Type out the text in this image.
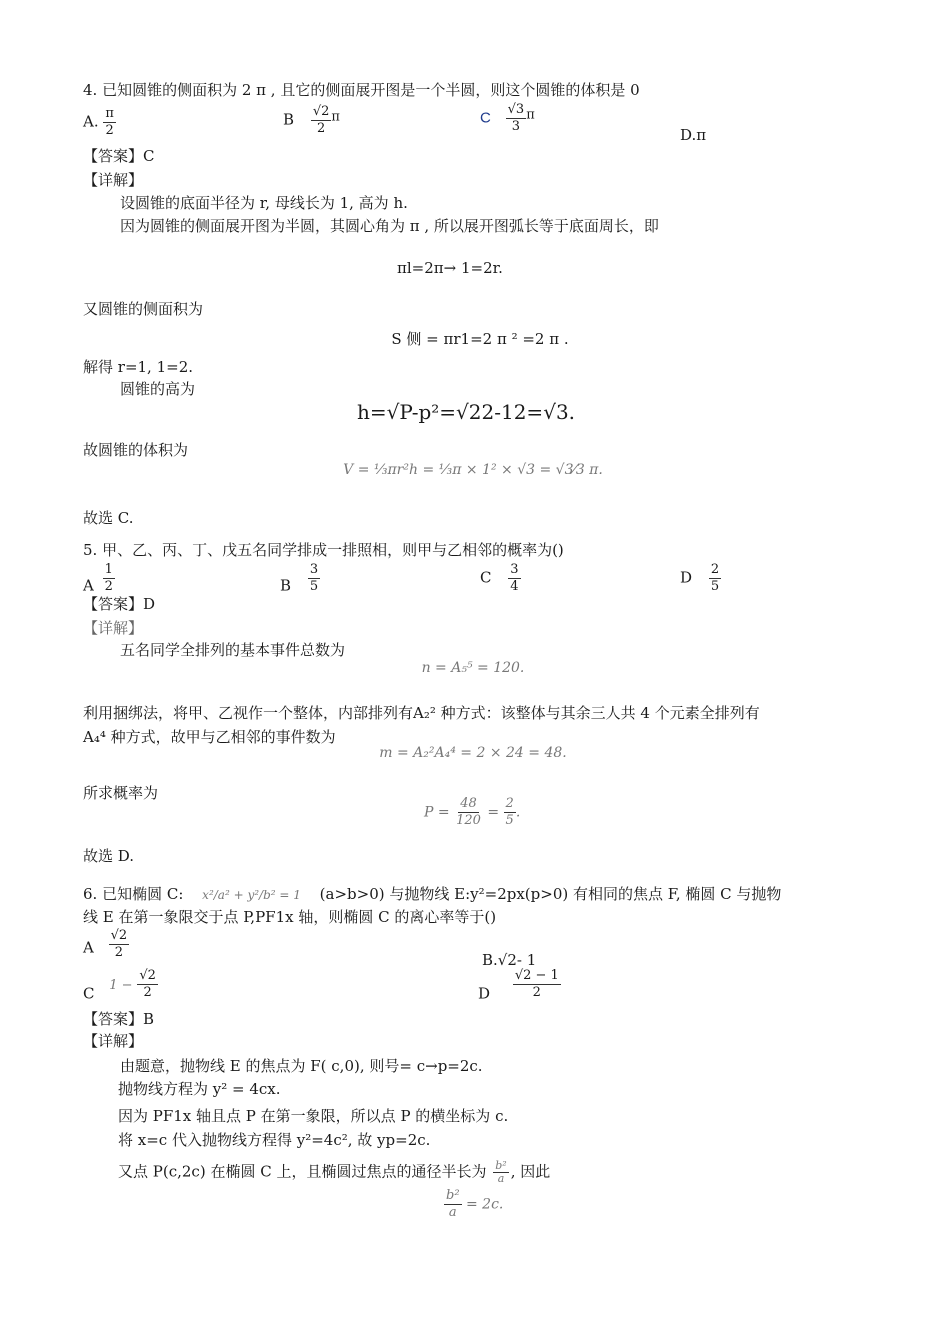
4. 已知圆锥的侧面积为 2 π , 且它的侧面展开图是一个半圆，则这个圆锥的体积是 0
A. $\frac{\pi}{2}$	B $\frac{√2}{2}$ π	C $\frac{√3}{3}$ π
D.π
【答案】C
【详解】
设圆锥的底面半径为 r, 母线长为 1, 高为 h.
因为圆锥的侧面展开图为半圆，其圆心角为 π , 所以展开图弧长等于底面周长，即
πl=2π→ 1=2r.
又圆锥的侧面积为
S 侧 = πr1=2 π ² =2 π .
解得 r=1, 1=2.
圆锥的高为
h=√P-p²=√22-12=√3.
故圆锥的体积为
V = ⅓πr²h = ⅓π × 1² × √3 = √3⁄3 π.
故选 C.
5. 甲、乙、丙、丁、戊五名同学排成一排照相，则甲与乙相邻的概率为()
A $\frac{1}{2}$	B $\frac{3}{5}$	C $\frac{3}{4}$	D $\frac{2}{5}$
【答案】D
【详解】
五名同学全排列的基本事件总数为
n = A₅⁵ = 120.
利用捆绑法，将甲、乙视作一个整体，内部排列有A₂² 种方式：该整体与其余三人共 4 个元素全排列有
A₄⁴ 种方式，故甲与乙相邻的事件数为
m = A₂²A₄⁴ = 2 × 24 = 48.
所求概率为
$P = \frac{48}{120} = \frac{2}{5}$ .
故选 D.
6. 已知椭圆 C: x²/a² + y²/b² = 1 (a>b>0) 与抛物线 E:y²=2px(p>0) 有相同的焦点 F, 椭圆 C 与抛物
线 E 在第一象限交于点 P,PF1x 轴，则椭圆 C 的离心率等于()
A $\frac{√2}{2}$	B.√2- 1
C $1 - \frac{√2}{2}$	D $\frac{√2 - 1}{2}$
【答案】B
【详解】
由题意，抛物线 E 的焦点为 F( c,0), 则号= c→p=2c.
抛物线方程为 y² = 4cx.
因为 PF1x 轴且点 P 在第一象限，所以点 P 的横坐标为 c.
将 x=c 代入抛物线方程得 y²=4c², 故 yp=2c.
又点 P(c,2c) 在椭圆 C 上，且椭圆过焦点的通径半长为 $\frac{\text{b²}}{a}$ , 因此
$\frac{\text{b²}}{a} = 2c$.
